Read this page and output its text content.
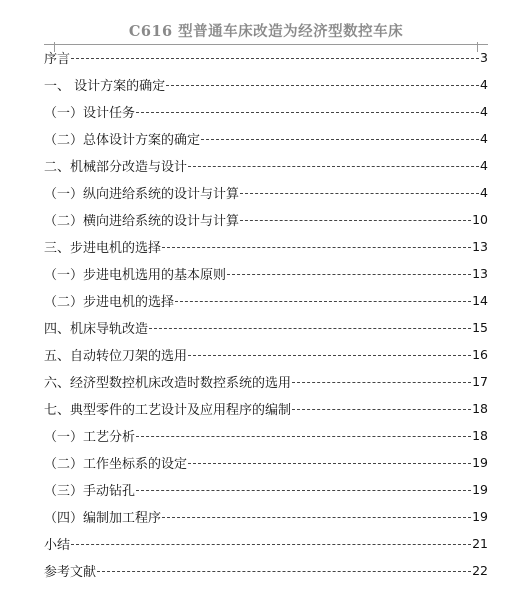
C616 型普通车床改造为经济型数控车床
序言	3
一、 设计方案的确定	4
（一）设计任务	4
（二）总体设计方案的确定	4
二、机械部分改造与设计	4
（一）纵向进给系统的设计与计算	4
（二）横向进给系统的设计与计算	10
三、步进电机的选择	13
（一）步进电机选用的基本原则	13
（二）步进电机的选择	14
四、机床导轨改造	15
五、自动转位刀架的选用	16
六、经济型数控机床改造时数控系统的选用	17
七、典型零件的工艺设计及应用程序的编制	18
（一）工艺分析	18
（二）工作坐标系的设定	19
（三）手动钻孔	19
（四）编制加工程序	19
小结	21
参考文献	22
